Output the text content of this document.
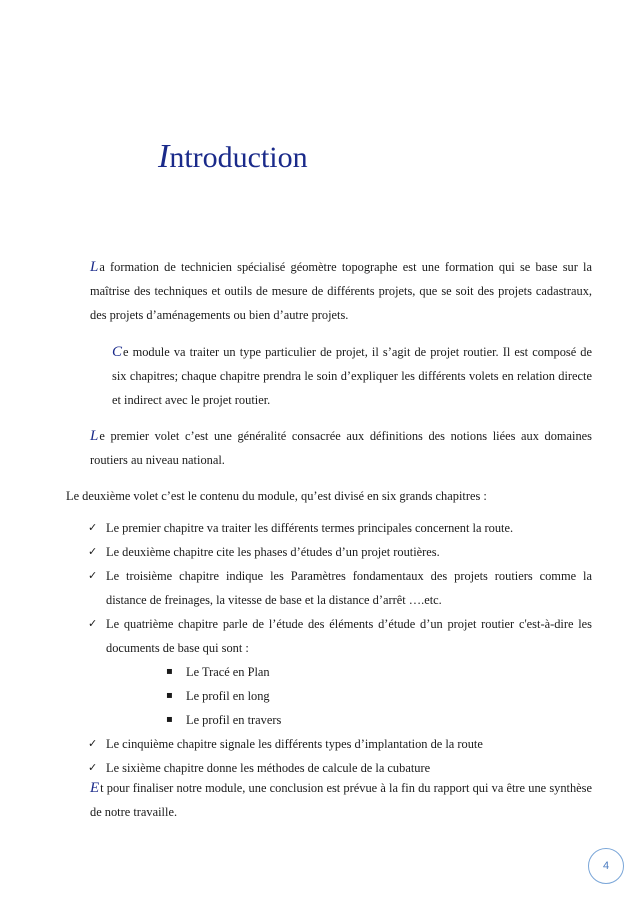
Introduction

La formation de technicien spécialisé géomètre topographe est une formation qui se base sur la maîtrise des techniques et outils de mesure de différents projets, que se soit des projets cadastraux, des projets d’aménagements ou bien d’autre projets.

Ce module va traiter un type particulier de projet, il s’agit de projet routier. Il est composé de six chapitres; chaque chapitre prendra le soin d’expliquer les différents volets en relation directe et indirect avec le projet routier.

Le premier volet c’est une généralité consacrée aux définitions des notions liées aux domaines routiers au niveau national.

Le deuxième volet c’est le contenu du module, qu’est divisé en six grands chapitres :

✓ Le premier chapitre va traiter les différents termes principales concernent la route.
✓ Le deuxième chapitre cite les phases d’études d’un projet routières.
✓ Le troisième chapitre indique les Paramètres fondamentaux des projets routiers comme la distance de freinages, la vitesse de base et la distance d’arrêt ….etc.
✓ Le quatrième chapitre parle de l’étude des éléments d’étude d’un projet routier c'est-à-dire les documents de base qui sont :
▪ Le Tracé en Plan
▪ Le profil en long
▪ Le profil en travers
✓ Le cinquième chapitre signale les différents types d’implantation de la route
✓ Le sixième chapitre donne les méthodes de calcule de la cubature

Et pour finaliser notre module, une conclusion est prévue à la fin du rapport qui va être une synthèse de notre travaille.

4
